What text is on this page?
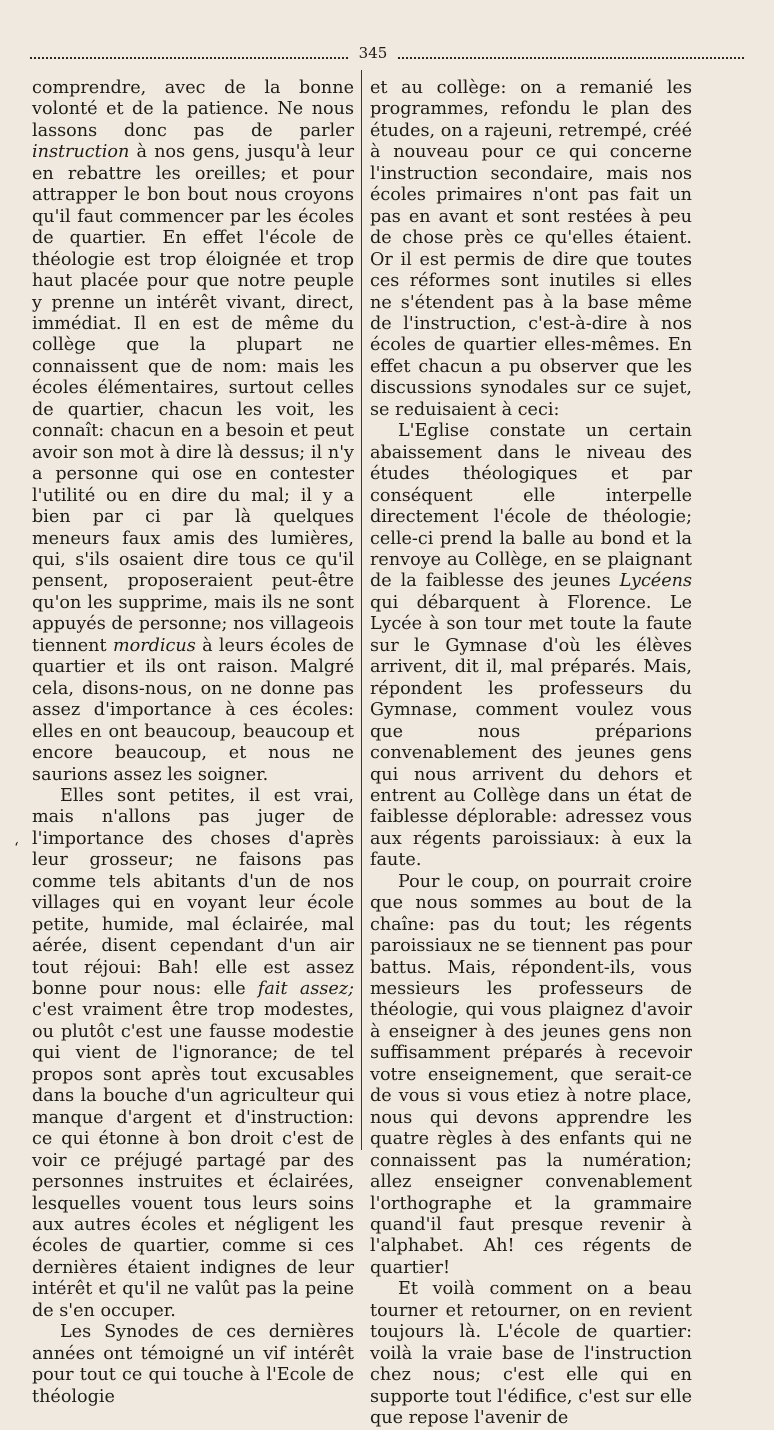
345
‘

comprendre, avec de la bonne volonté et de la patience. Ne nous lassons donc pas de parler instruction à nos gens, jusqu'à leur en rebattre les oreilles; et pour attrapper le bon bout nous croyons qu'il faut commencer par les écoles de quartier. En effet l'école de théologie est trop éloignée et trop haut placée pour que notre peuple y prenne un intérêt vivant, direct, immédiat. Il en est de même du collège que la plupart ne connaissent que de nom: mais les écoles élémentaires, surtout celles de quartier, chacun les voit, les connaît: chacun en a besoin et peut avoir son mot à dire là dessus; il n'y a personne qui ose en contester l'utilité ou en dire du mal; il y a bien par ci par là quelques meneurs faux amis des lumières, qui, s'ils osaient dire tous ce qu'il pensent, proposeraient peut-être qu'on les supprime, mais ils ne sont appuyés de personne; nos villageois tiennent mordicus à leurs écoles de quartier et ils ont raison. Malgré cela, disons-nous, on ne donne pas assez d'importance à ces écoles: elles en ont beaucoup, beaucoup et encore beaucoup, et nous ne saurions assez les soigner.

Elles sont petites, il est vrai, mais n'allons pas juger de l'importance des choses d'après leur grosseur; ne faisons pas comme tels abitants d'un de nos villages qui en voyant leur école petite, humide, mal éclairée, mal aérée, disent cependant d'un air tout réjoui: Bah! elle est assez bonne pour nous: elle fait assez; c'est vraiment être trop modestes, ou plutôt c'est une fausse modestie qui vient de l'ignorance; de tel propos sont après tout excusables dans la bouche d'un agriculteur qui manque d'argent et d'instruction: ce qui étonne à bon droit c'est de voir ce préjugé partagé par des personnes instruites et éclairées, lesquelles vouent tous leurs soins aux autres écoles et négligent les écoles de quartier, comme si ces dernières étaient indignes de leur intérêt et qu'il ne valût pas la peine de s'en occuper.

Les Synodes de ces dernières années ont témoigné un vif intérêt pour tout ce qui touche à l'Ecole de théologie

et au collège: on a remanié les programmes, refondu le plan des études, on a rajeuni, retrempé, créé à nouveau pour ce qui concerne l'instruction secondaire, mais nos écoles primaires n'ont pas fait un pas en avant et sont restées à peu de chose près ce qu'elles étaient. Or il est permis de dire que toutes ces réformes sont inutiles si elles ne s'étendent pas à la base même de l'instruction, c'est-à-dire à nos écoles de quartier elles-mêmes. En effet chacun a pu observer que les discussions synodales sur ce sujet, se reduisaient à ceci:

L'Eglise constate un certain abaissement dans le niveau des études théologiques et par conséquent elle interpelle directement l'école de théologie; celle-ci prend la balle au bond et la renvoye au Collège, en se plaignant de la faiblesse des jeunes Lycéens qui débarquent à Florence. Le Lycée à son tour met toute la faute sur le Gymnase d'où les élèves arrivent, dit il, mal préparés. Mais, répondent les professeurs du Gymnase, comment voulez vous que nous préparions convenablement des jeunes gens qui nous arrivent du dehors et entrent au Collège dans un état de faiblesse déplorable: adressez vous aux régents paroissiaux: à eux la faute.

Pour le coup, on pourrait croire que nous sommes au bout de la chaîne: pas du tout; les régents paroissiaux ne se tiennent pas pour battus. Mais, répondent-ils, vous messieurs les professeurs de théologie, qui vous plaignez d'avoir à enseigner à des jeunes gens non suffisamment préparés à recevoir votre enseignement, que serait-ce de vous si vous etiez à notre place, nous qui devons apprendre les quatre règles à des enfants qui ne connaissent pas la numération; allez enseigner convenablement l'orthographe et la grammaire quand'il faut presque revenir à l'alphabet. Ah! ces régents de quartier!

Et voilà comment on a beau tourner et retourner, on en revient toujours là. L'école de quartier: voilà la vraie base de l'instruction chez nous; c'est elle qui en supporte tout l'édifice, c'est sur elle que repose l'avenir de
